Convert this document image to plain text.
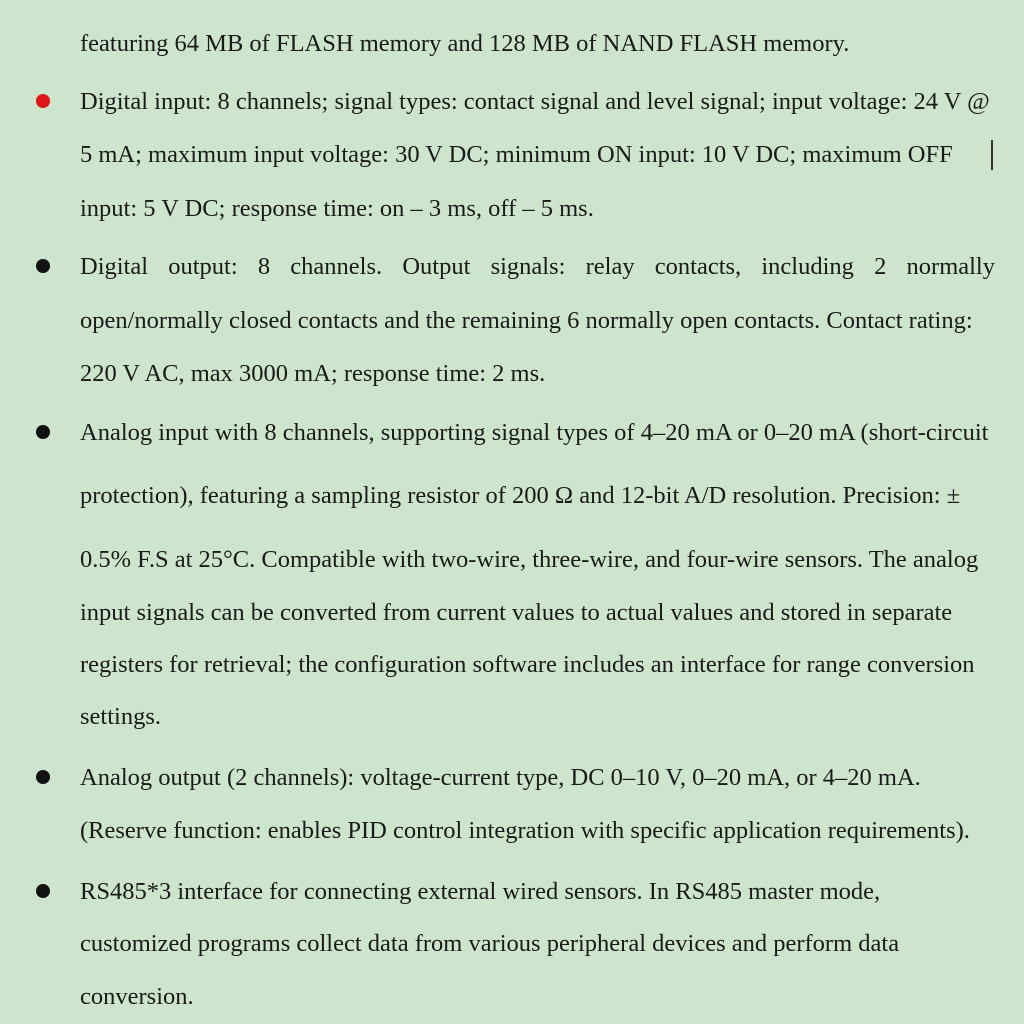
featuring 64 MB of FLASH memory and 128 MB of NAND FLASH memory.
Digital input: 8 channels; signal types: contact signal and level signal; input voltage: 24 V @
5 mA; maximum input voltage: 30 V DC; minimum ON input: 10 V DC; maximum OFF
input: 5 V DC; response time: on – 3 ms, off – 5 ms.
Digital output: 8 channels. Output signals: relay contacts, including 2 normally
open/normally closed contacts and the remaining 6 normally open contacts. Contact rating:
220 V AC, max 3000 mA; response time: 2 ms.
Analog input with 8 channels, supporting signal types of 4–20 mA or 0–20 mA (short-circuit
protection), featuring a sampling resistor of 200 Ω and 12-bit A/D resolution. Precision: ±
0.5% F.S at 25°C. Compatible with two-wire, three-wire, and four-wire sensors. The analog
input signals can be converted from current values to actual values and stored in separate
registers for retrieval; the configuration software includes an interface for range conversion
settings.
Analog output (2 channels): voltage-current type, DC 0–10 V, 0–20 mA, or 4–20 mA.
(Reserve function: enables PID control integration with specific application requirements).
RS485*3 interface for connecting external wired sensors. In RS485 master mode,
customized programs collect data from various peripheral devices and perform data
conversion.
